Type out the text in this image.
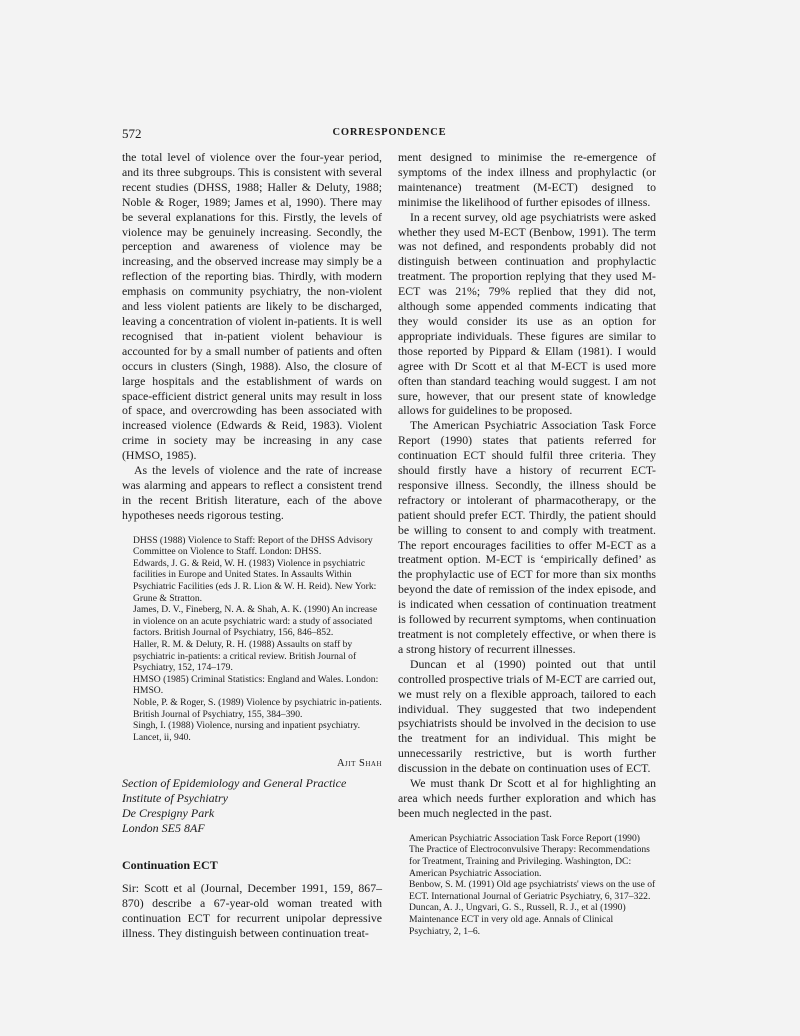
572	CORRESPONDENCE

the total level of violence over the four-year period, and its three subgroups. This is consistent with several recent studies (DHSS, 1988; Haller & Deluty, 1988; Noble & Roger, 1989; James et al, 1990). There may be several explanations for this. Firstly, the levels of violence may be genuinely increasing. Secondly, the perception and awareness of violence may be increasing, and the observed increase may simply be a reflection of the reporting bias. Thirdly, with modern emphasis on community psychiatry, the non-violent and less violent patients are likely to be discharged, leaving a concentration of violent in-patients. It is well recognised that in-patient violent behaviour is accounted for by a small number of patients and often occurs in clusters (Singh, 1988). Also, the closure of large hospitals and the establishment of wards on space-efficient district general units may result in loss of space, and overcrowding has been associated with increased violence (Edwards & Reid, 1983). Violent crime in society may be increasing in any case (HMSO, 1985).

As the levels of violence and the rate of increase was alarming and appears to reflect a consistent trend in the recent British literature, each of the above hypotheses needs rigorous testing.

DHSS (1988) Violence to Staff: Report of the DHSS Advisory Committee on Violence to Staff. London: DHSS.

Edwards, J. G. & Reid, W. H. (1983) Violence in psychiatric facilities in Europe and United States. In Assaults Within Psychiatric Facilities (eds J. R. Lion & W. H. Reid). New York: Grune & Stratton.

James, D. V., Fineberg, N. A. & Shah, A. K. (1990) An increase in violence on an acute psychiatric ward: a study of associated factors. British Journal of Psychiatry, 156, 846–852.

Haller, R. M. & Deluty, R. H. (1988) Assaults on staff by psychiatric in-patients: a critical review. British Journal of Psychiatry, 152, 174–179.

HMSO (1985) Criminal Statistics: England and Wales. London: HMSO.

Noble, P. & Roger, S. (1989) Violence by psychiatric in-patients. British Journal of Psychiatry, 155, 384–390.

Singh, I. (1988) Violence, nursing and inpatient psychiatry. Lancet, ii, 940.

Ajit Shah
Section of Epidemiology and General Practice
Institute of Psychiatry
De Crespigny Park
London SE5 8AF
Continuation ECT

Sir: Scott et al (Journal, December 1991, 159, 867–870) describe a 67-year-old woman treated with continuation ECT for recurrent unipolar depressive illness. They distinguish between continuation treat-

ment designed to minimise the re-emergence of symptoms of the index illness and prophylactic (or maintenance) treatment (M-ECT) designed to minimise the likelihood of further episodes of illness.

In a recent survey, old age psychiatrists were asked whether they used M-ECT (Benbow, 1991). The term was not defined, and respondents probably did not distinguish between continuation and prophylactic treatment. The proportion replying that they used M-ECT was 21%; 79% replied that they did not, although some appended comments indicating that they would consider its use as an option for appropriate individuals. These figures are similar to those reported by Pippard & Ellam (1981). I would agree with Dr Scott et al that M-ECT is used more often than standard teaching would suggest. I am not sure, however, that our present state of knowledge allows for guidelines to be proposed.

The American Psychiatric Association Task Force Report (1990) states that patients referred for continuation ECT should fulfil three criteria. They should firstly have a history of recurrent ECT-responsive illness. Secondly, the illness should be refractory or intolerant of pharmacotherapy, or the patient should prefer ECT. Thirdly, the patient should be willing to consent to and comply with treatment. The report encourages facilities to offer M-ECT as a treatment option. M-ECT is ‘empirically defined’ as the prophylactic use of ECT for more than six months beyond the date of remission of the index episode, and is indicated when cessation of continuation treatment is followed by recurrent symptoms, when continuation treatment is not completely effective, or when there is a strong history of recurrent illnesses.

Duncan et al (1990) pointed out that until controlled prospective trials of M-ECT are carried out, we must rely on a flexible approach, tailored to each individual. They suggested that two independent psychiatrists should be involved in the decision to use the treatment for an individual. This might be unnecessarily restrictive, but is worth further discussion in the debate on continuation uses of ECT.

We must thank Dr Scott et al for highlighting an area which needs further exploration and which has been much neglected in the past.

American Psychiatric Association Task Force Report (1990) The Practice of Electroconvulsive Therapy: Recommendations for Treatment, Training and Privileging. Washington, DC: American Psychiatric Association.

Benbow, S. M. (1991) Old age psychiatrists' views on the use of ECT. International Journal of Geriatric Psychiatry, 6, 317–322.

Duncan, A. J., Ungvari, G. S., Russell, R. J., et al (1990) Maintenance ECT in very old age. Annals of Clinical Psychiatry, 2, 1–6.
